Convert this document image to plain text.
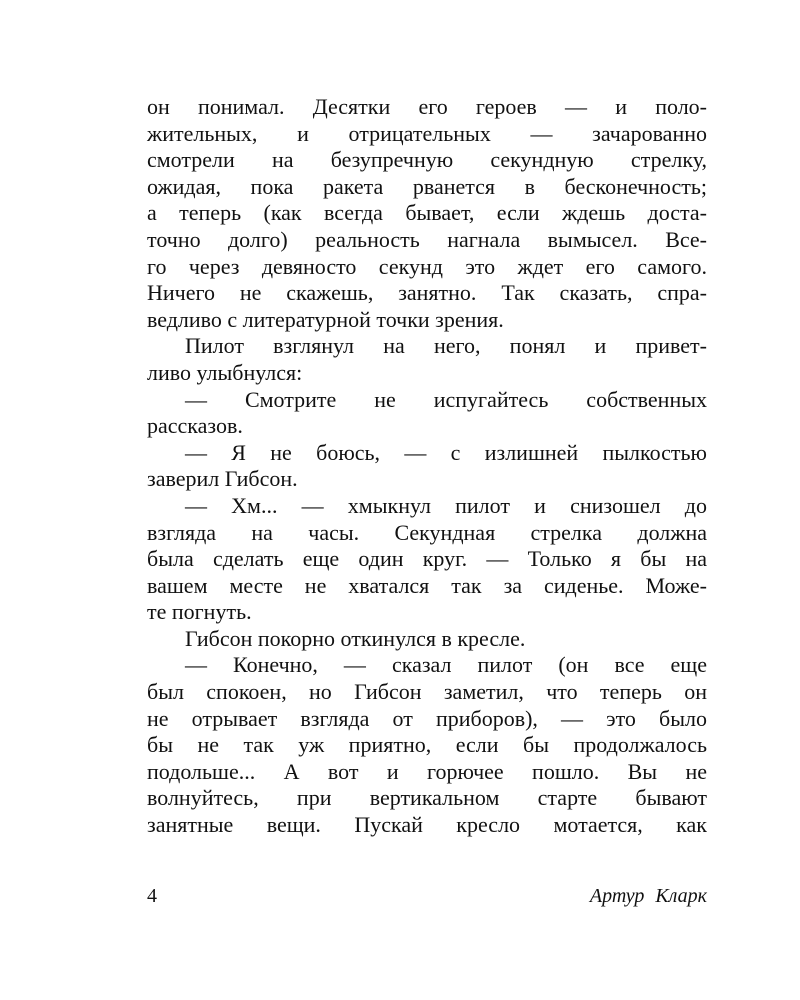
он понимал. Десятки его героев — и поло-
жительных, и отрицательных — зачарованно
смотрели на безупречную секундную стрелку,
ожидая, пока ракета рванется в бесконечность;
а теперь (как всегда бывает, если ждешь доста-
точно долго) реальность нагнала вымысел. Все-
го через девяносто секунд это ждет его самого.
Ничего не скажешь, занятно. Так сказать, спра-
ведливо с литературной точки зрения.
Пилот взглянул на него, понял и привет-
ливо улыбнулся:
— Смотрите не испугайтесь собственных
рассказов.
— Я не боюсь, — с излишней пылкостью
заверил Гибсон.
— Хм... — хмыкнул пилот и снизошел до
взгляда на часы. Секундная стрелка должна
была сделать еще один круг. — Только я бы на
вашем месте не хватался так за сиденье. Може-
те погнуть.
Гибсон покорно откинулся в кресле.
— Конечно, — сказал пилот (он все еще
был спокоен, но Гибсон заметил, что теперь он
не отрывает взгляда от приборов), — это было
бы не так уж приятно, если бы продолжалось
подольше... А вот и горючее пошло. Вы не
волнуйтесь, при вертикальном старте бывают
занятные вещи. Пускай кресло мотается, как
4	Артур Кларк
